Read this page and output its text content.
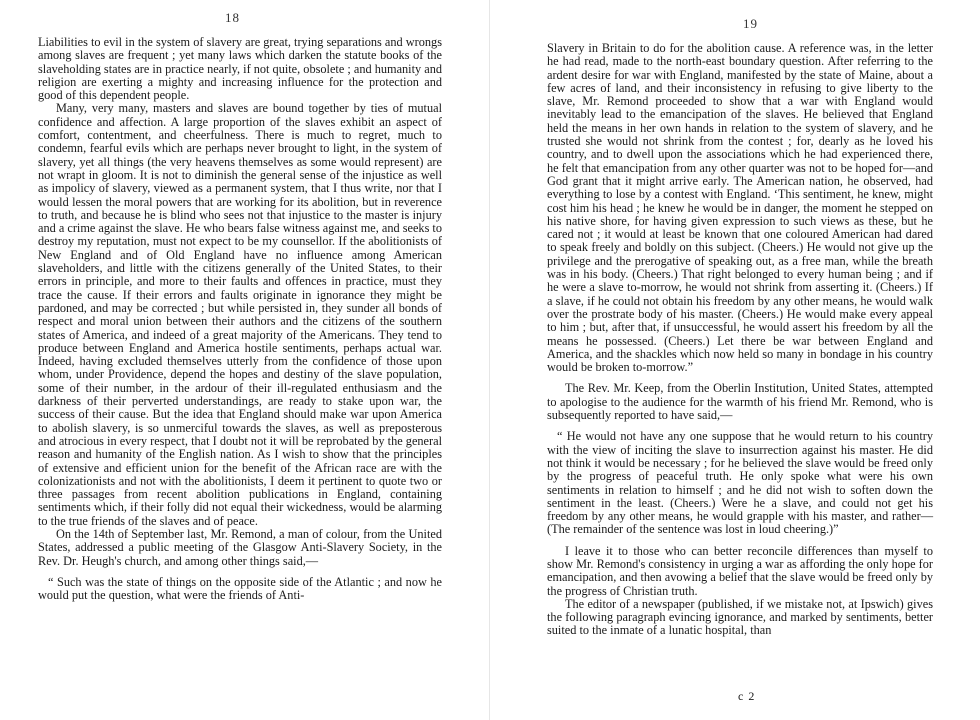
18

Liabilities to evil in the system of slavery are great, trying separations and wrongs among slaves are frequent ; yet many laws which darken the statute books of the slaveholding states are in practice nearly, if not quite, obsolete ; and humanity and religion are exerting a mighty and increasing influence for the protection and good of this dependent people.

Many, very many, masters and slaves are bound together by ties of mutual confidence and affection. A large proportion of the slaves exhibit an aspect of comfort, contentment, and cheerfulness. There is much to regret, much to condemn, fearful evils which are perhaps never brought to light, in the system of slavery, yet all things (the very heavens themselves as some would represent) are not wrapt in gloom. It is not to diminish the general sense of the injustice as well as impolicy of slavery, viewed as a permanent system, that I thus write, nor that I would lessen the moral powers that are working for its abolition, but in reverence to truth, and because he is blind who sees not that injustice to the master is injury and a crime against the slave. He who bears false witness against me, and seeks to destroy my reputation, must not expect to be my counsellor. If the abolitionists of New England and of Old England have no influence among American slaveholders, and little with the citizens generally of the United States, to their errors in principle, and more to their faults and offences in practice, must they trace the cause. If their errors and faults originate in ignorance they might be pardoned, and may be corrected ; but while persisted in, they sunder all bonds of respect and moral union between their authors and the citizens of the southern states of America, and indeed of a great majority of the Americans. They tend to produce between England and America hostile sentiments, perhaps actual war. Indeed, having excluded themselves utterly from the confidence of those upon whom, under Providence, depend the hopes and destiny of the slave population, some of their number, in the ardour of their ill-regulated enthusiasm and the darkness of their perverted understandings, are ready to stake upon war, the success of their cause. But the idea that England should make war upon America to abolish slavery, is so unmerciful towards the slaves, as well as preposterous and atrocious in every respect, that I doubt not it will be reprobated by the general reason and humanity of the English nation. As I wish to show that the principles of extensive and efficient union for the benefit of the African race are with the colonizationists and not with the abolitionists, I deem it pertinent to quote two or three passages from recent abolition publications in England, containing sentiments which, if their folly did not equal their wickedness, would be alarming to the true friends of the slaves and of peace.

On the 14th of September last, Mr. Remond, a man of colour, from the United States, addressed a public meeting of the Glasgow Anti-Slavery Society, in the Rev. Dr. Heugh's church, and among other things said,—

“ Such was the state of things on the opposite side of the Atlantic ; and now he would put the question, what were the friends of Anti-

19

Slavery in Britain to do for the abolition cause. A reference was, in the letter he had read, made to the north-east boundary question. After referring to the ardent desire for war with England, manifested by the state of Maine, about a few acres of land, and their inconsistency in refusing to give liberty to the slave, Mr. Remond proceeded to show that a war with England would inevitably lead to the emancipation of the slaves. He believed that England held the means in her own hands in relation to the system of slavery, and he trusted she would not shrink from the contest ; for, dearly as he loved his country, and to dwell upon the associations which he had experienced there, he felt that emancipation from any other quarter was not to be hoped for—and God grant that it might arrive early. The American nation, he observed, had everything to lose by a contest with England. ‘This sentiment, he knew, might cost him his head ; he knew he would be in danger, the moment he stepped on his native shore, for having given expression to such views as these, but he cared not ; it would at least be known that one coloured American had dared to speak freely and boldly on this subject. (Cheers.) He would not give up the privilege and the prerogative of speaking out, as a free man, while the breath was in his body. (Cheers.) That right belonged to every human being ; and if he were a slave to-morrow, he would not shrink from asserting it. (Cheers.) If a slave, if he could not obtain his freedom by any other means, he would walk over the prostrate body of his master. (Cheers.) He would make every appeal to him ; but, after that, if unsuccessful, he would assert his freedom by all the means he possessed. (Cheers.) Let there be war between England and America, and the shackles which now held so many in bondage in his country would be broken to-morrow.”

The Rev. Mr. Keep, from the Oberlin Institution, United States, attempted to apologise to the audience for the warmth of his friend Mr. Remond, who is subsequently reported to have said,—

“ He would not have any one suppose that he would return to his country with the view of inciting the slave to insurrection against his master. He did not think it would be necessary ; for he believed the slave would be freed only by the progress of peaceful truth. He only spoke what were his own sentiments in relation to himself ; and he did not wish to soften down the sentiment in the least. (Cheers.) Were he a slave, and could not get his freedom by any other means, he would grapple with his master, and rather—(The remainder of the sentence was lost in loud cheering.)”

I leave it to those who can better reconcile differences than myself to show Mr. Remond's consistency in urging a war as affording the only hope for emancipation, and then avowing a belief that the slave would be freed only by the progress of Christian truth.

The editor of a newspaper (published, if we mistake not, at Ipswich) gives the following paragraph evincing ignorance, and marked by sentiments, better suited to the inmate of a lunatic hospital, than

c 2
